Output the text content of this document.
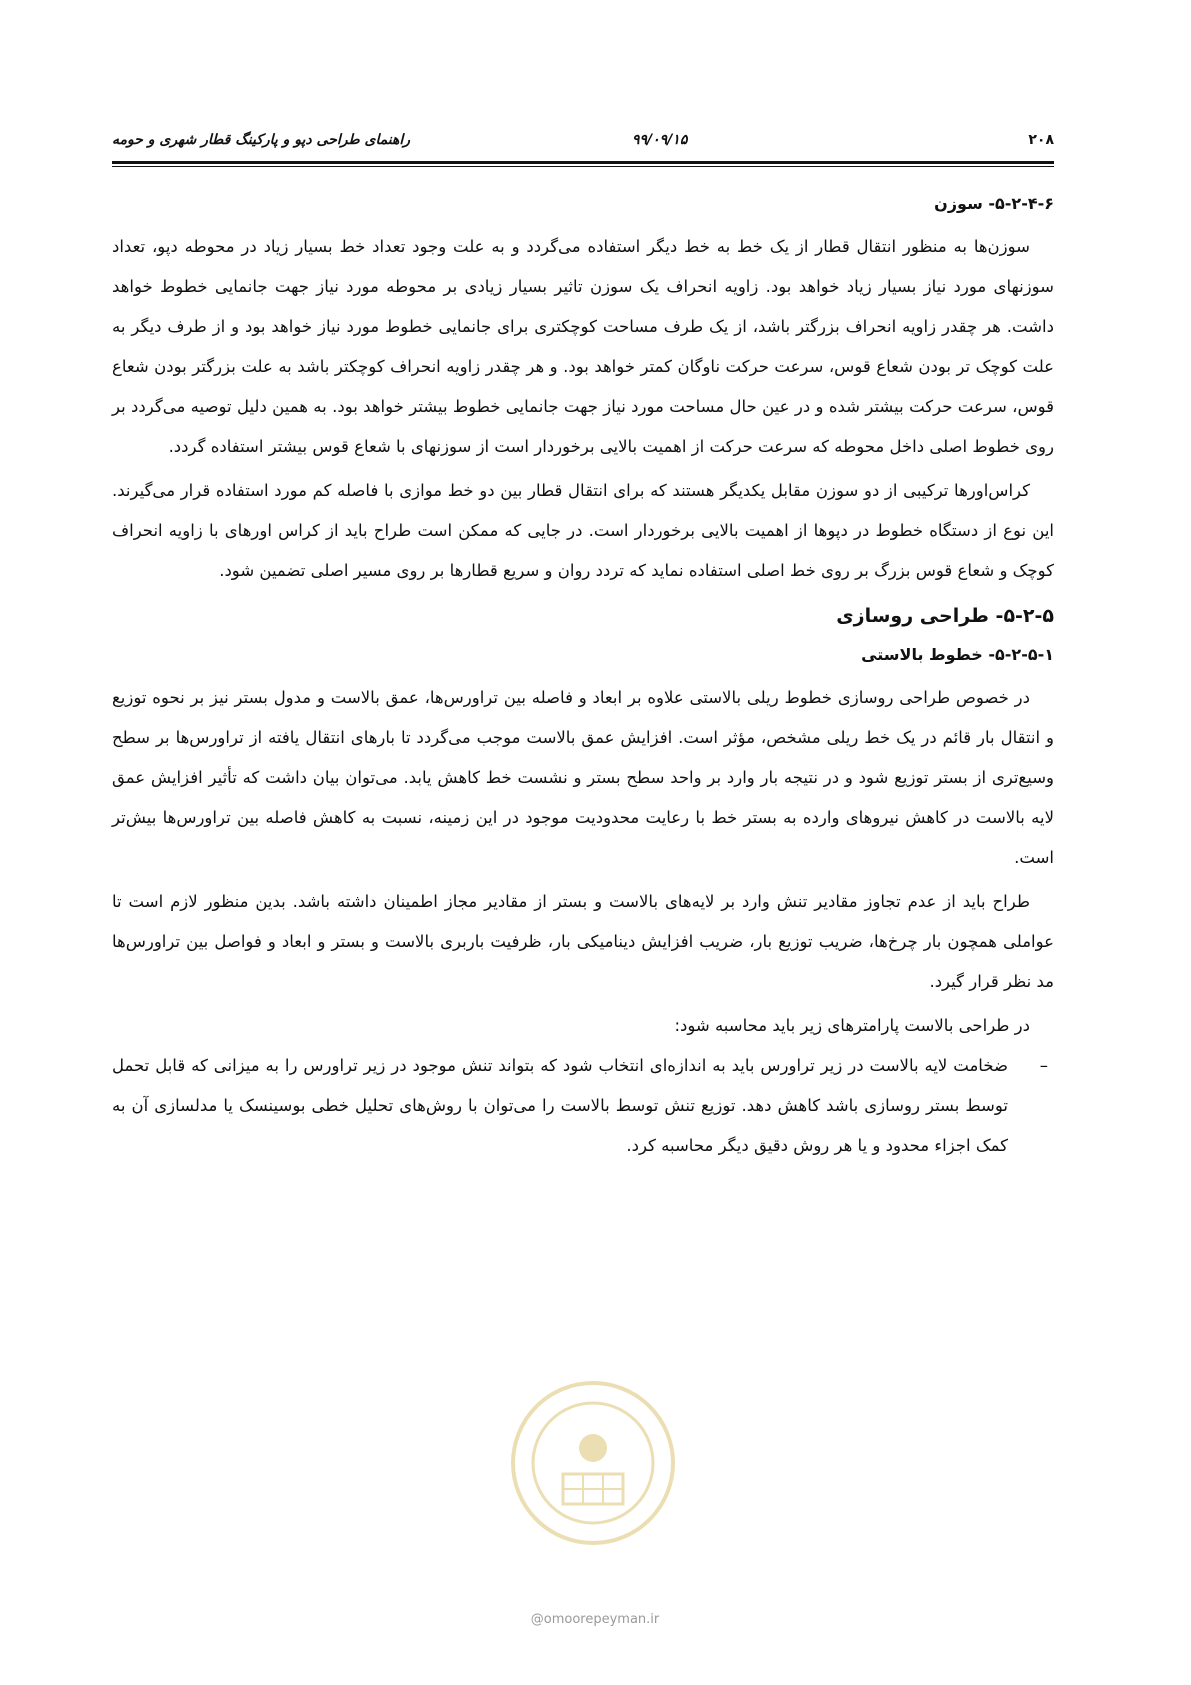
۲۰۸
۹۹/۰۹/۱۵
راهنمای طراحی دپو و پارکینگ قطار شهری و حومه
۵-۲-۴-۶- سوزن

سوزن‌ها به منظور انتقال قطار از یک خط به خط دیگر استفاده می‌گردد و به علت وجود تعداد خط بسیار زیاد در محوطه دپو، تعداد سوزنهای مورد نیاز بسیار زیاد خواهد بود. زاویه انحراف یک سوزن تاثیر بسیار زیادی بر محوطه مورد نیاز جهت جانمایی خطوط خواهد داشت. هر چقدر زاویه انحراف بزرگتر باشد، از یک طرف مساحت کوچکتری برای جانمایی خطوط مورد نیاز خواهد بود و از طرف دیگر به علت کوچک تر بودن شعاع قوس، سرعت حرکت ناوگان کمتر خواهد بود. و هر چقدر زاویه انحراف کوچکتر باشد به علت بزرگتر بودن شعاع قوس، سرعت حرکت بیشتر شده و در عین حال مساحت مورد نیاز جهت جانمایی خطوط بیشتر خواهد بود. به همین دلیل توصیه می‌گردد بر روی خطوط اصلی داخل محوطه که سرعت حرکت از اهمیت بالایی برخوردار است از سوزنهای با شعاع قوس بیشتر استفاده گردد.

کراس‌اورها ترکیبی از دو سوزن مقابل یکدیگر هستند که برای انتقال قطار بین دو خط موازی با فاصله کم مورد استفاده قرار می‌گیرند. این نوع از دستگاه خطوط در دپوها از اهمیت بالایی برخوردار است. در جایی که ممکن است طراح باید از کراس اورهای با زاویه انحراف کوچک و شعاع قوس بزرگ بر روی خط اصلی استفاده نماید که تردد روان و سریع قطارها بر روی مسیر اصلی تضمین شود.

۵-۲-۵- طراحی روسازی
۵-۲-۵-۱- خطوط بالاستی

در خصوص طراحی روسازی خطوط ریلی بالاستی علاوه بر ابعاد و فاصله بین تراورس‌ها، عمق بالاست و مدول بستر نیز بر نحوه توزیع و انتقال بار قائم در یک خط ریلی مشخص، مؤثر است. افزایش عمق بالاست موجب می‌گردد تا بارهای انتقال یافته از تراورس‌ها بر سطح وسیع‌تری از بستر توزیع شود و در نتیجه بار وارد بر واحد سطح بستر و نشست خط کاهش یابد. می‌توان بیان داشت که تأثیر افزایش عمق لایه بالاست در کاهش نیروهای وارده به بستر خط با رعایت محدودیت موجود در این زمینه، نسبت به کاهش فاصله بین تراورس‌ها بیش‌تر است.

طراح باید از عدم تجاوز مقادیر تنش وارد بر لایه‌های بالاست و بستر از مقادیر مجاز اطمینان داشته باشد. بدین منظور لازم است تا عواملی همچون بار چرخ‌ها، ضریب توزیع بار، ضریب افزایش دینامیکی بار، ظرفیت باربری بالاست و بستر و ابعاد و فواصل بین تراورس‌ها مد نظر قرار گیرد.

در طراحی بالاست پارامترهای زیر باید محاسبه شود:

–
ضخامت لایه بالاست در زیر تراورس باید به اندازه‌ای انتخاب شود که بتواند تنش موجود در زیر تراورس را به میزانی که قابل تحمل توسط بستر روسازی باشد کاهش دهد. توزیع تنش توسط بالاست را می‌توان با روش‌های تحلیل خطی بوسینسک یا مدلسازی آن به کمک اجزاء محدود و یا هر روش دقیق دیگر محاسبه کرد.
@omoorepeyman.ir
